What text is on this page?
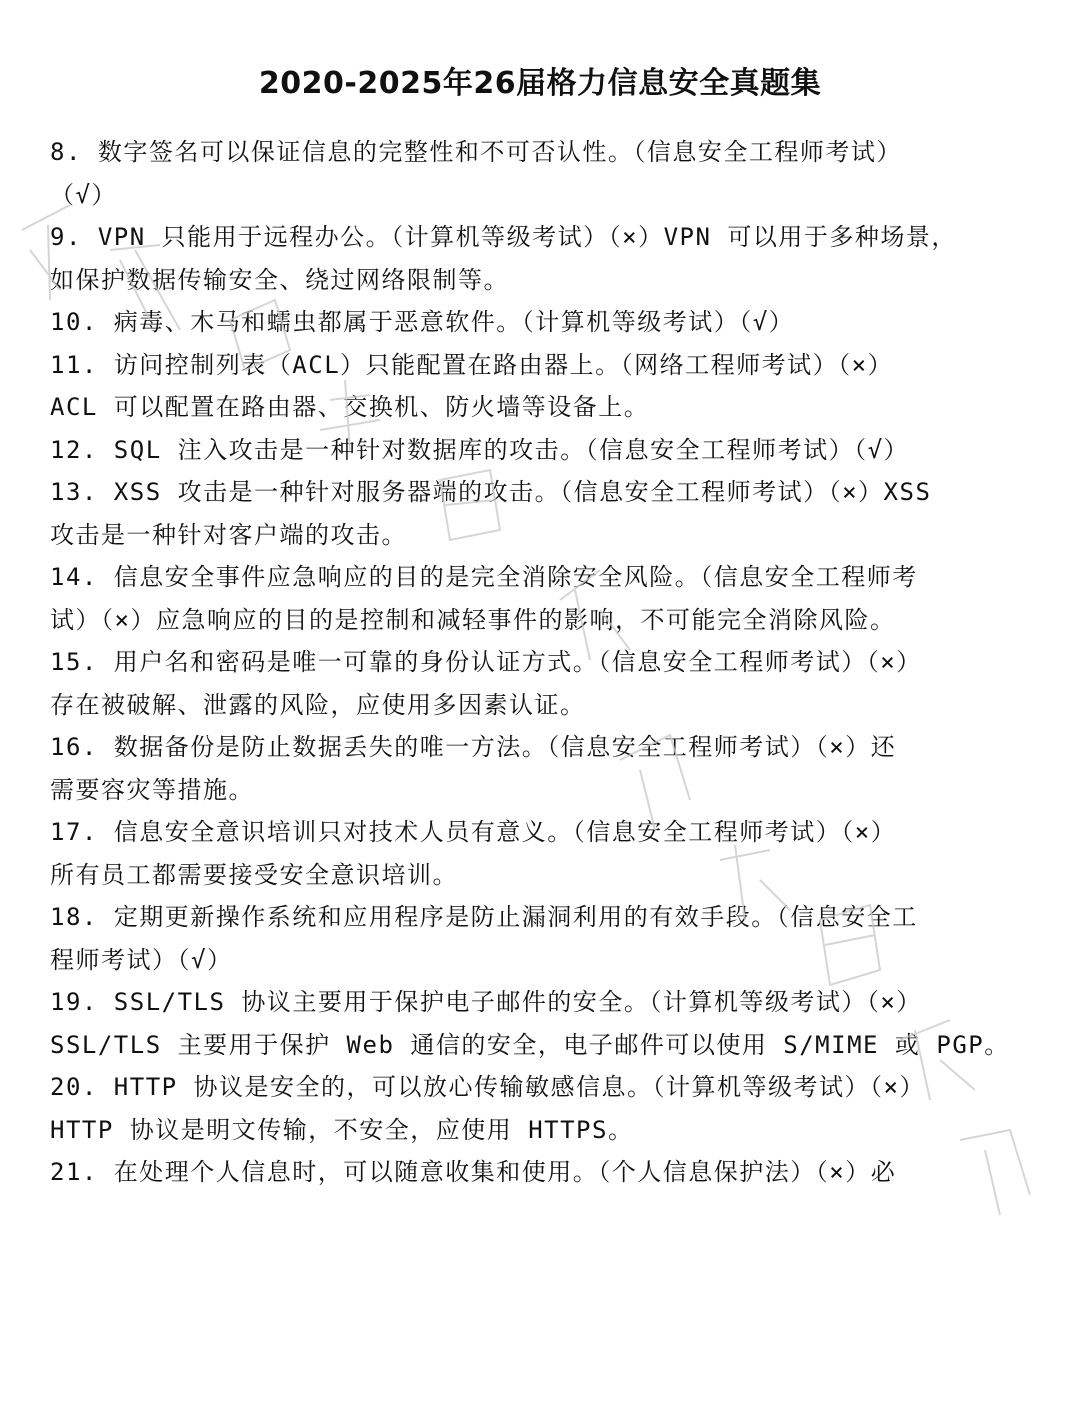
2020-2025年26届格力信息安全真题集
8. 数字签名可以保证信息的完整性和不可否认性。（信息安全工程师考试）
（√）
9. VPN 只能用于远程办公。（计算机等级考试）（×）VPN 可以用于多种场景，
如保护数据传输安全、绕过网络限制等。
10. 病毒、木马和蠕虫都属于恶意软件。（计算机等级考试）（√）
11. 访问控制列表（ACL）只能配置在路由器上。（网络工程师考试）（×）
ACL 可以配置在路由器、交换机、防火墙等设备上。
12. SQL 注入攻击是一种针对数据库的攻击。（信息安全工程师考试）（√）
13. XSS 攻击是一种针对服务器端的攻击。（信息安全工程师考试）（×）XSS
攻击是一种针对客户端的攻击。
14. 信息安全事件应急响应的目的是完全消除安全风险。（信息安全工程师考
试）（×）应急响应的目的是控制和减轻事件的影响，不可能完全消除风险。
15. 用户名和密码是唯一可靠的身份认证方式。（信息安全工程师考试）（×）
存在被破解、泄露的风险，应使用多因素认证。
16. 数据备份是防止数据丢失的唯一方法。（信息安全工程师考试）（×）还
需要容灾等措施。
17. 信息安全意识培训只对技术人员有意义。（信息安全工程师考试）（×）
所有员工都需要接受安全意识培训。
18. 定期更新操作系统和应用程序是防止漏洞利用的有效手段。（信息安全工
程师考试）（√）
19. SSL/TLS 协议主要用于保护电子邮件的安全。（计算机等级考试）（×）
SSL/TLS 主要用于保护 Web 通信的安全，电子邮件可以使用 S/MIME 或 PGP。
20. HTTP 协议是安全的，可以放心传输敏感信息。（计算机等级考试）（×）
HTTP 协议是明文传输，不安全，应使用 HTTPS。
21. 在处理个人信息时，可以随意收集和使用。（个人信息保护法）（×）必
